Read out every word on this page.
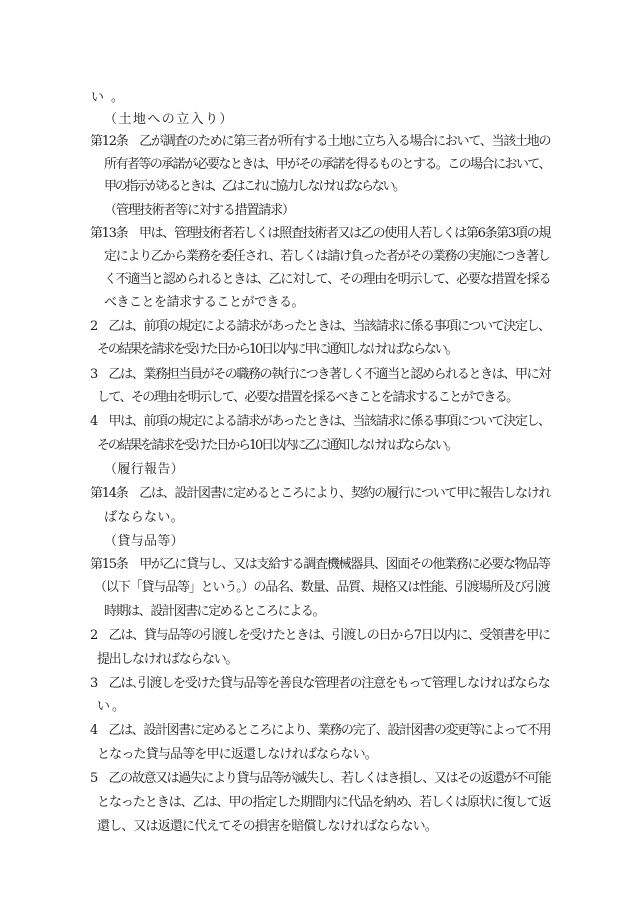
い。
（土地への立入り）
第12条　乙が調査のために第三者が所有する土地に立ち入る場合において、当該土地の
所有者等の承諾が必要なときは、甲がその承諾を得るものとする。この場合において、
甲の指示があるときは、乙はこれに協力しなければならない。
（管理技術者等に対する措置請求）
第13条　甲は、管理技術者若しくは照査技術者又は乙の使用人若しくは第6条第3項の規
定により乙から業務を委任され、若しくは請け負った者がその業務の実施につき著し
く不適当と認められるときは、乙に対して、その理由を明示して、必要な措置を採る
べきことを請求することができる。
2　乙は、前項の規定による請求があったときは、当該請求に係る事項について決定し、
その結果を請求を受けた日から10日以内に甲に通知しなければならない。
3　乙は、業務担当員がその職務の執行につき著しく不適当と認められるときは、甲に対
して、その理由を明示して、必要な措置を採るべきことを請求することができる。
4　甲は、前項の規定による請求があったときは、当該請求に係る事項について決定し、
その結果を請求を受けた日から10日以内に乙に通知しなければならない。
（履行報告）
第14条　乙は、設計図書に定めるところにより、契約の履行について甲に報告しなけれ
ばならない。
（貸与品等）
第15条　甲が乙に貸与し、又は支給する調査機械器具、図面その他業務に必要な物品等
（以下「貸与品等」という。）の品名、数量、品質、規格又は性能、引渡場所及び引渡
時期は、設計図書に定めるところによる。
2　乙は、貸与品等の引渡しを受けたときは、引渡しの日から7日以内に、受領書を甲に
提出しなければならない。
3　乙は､引渡しを受けた貸与品等を善良な管理者の注意をもって管理しなければならな
い。
4　乙は、設計図書に定めるところにより、業務の完了、設計図書の変更等によって不用
となった貸与品等を甲に返還しなければならない。
5　乙の故意又は過失により貸与品等が滅失し、若しくはき損し、又はその返還が不可能
となったときは、乙は、甲の指定した期間内に代品を納め、若しくは原状に復して返
還し、又は返還に代えてその損害を賠償しなければならない。
